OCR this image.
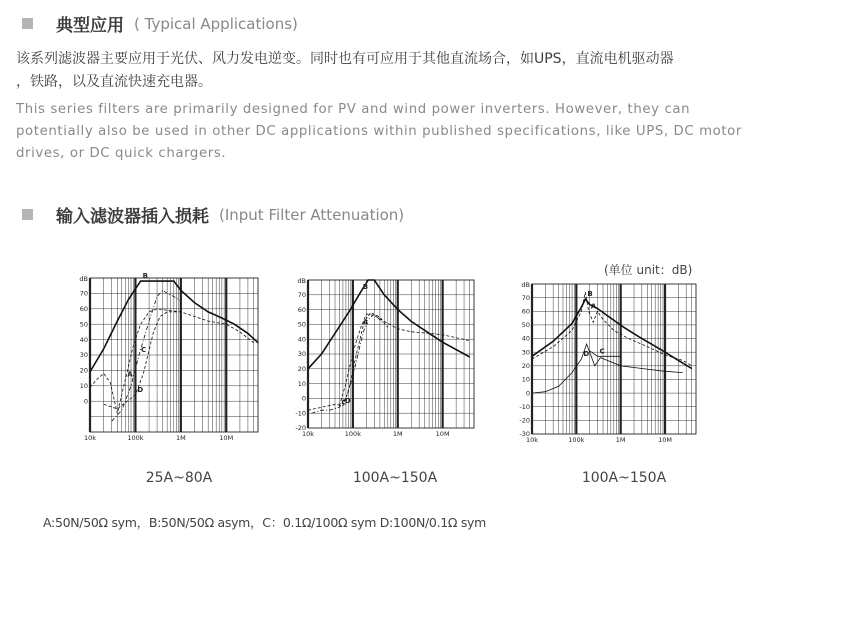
典型应用 ( Typical Applications)
该系列滤波器主要应用于光伏、风力发电逆变。同时也有可应用于其他直流场合，如UPS，直流电机驱动器
，铁路，以及直流快速充电器。
This series filters are primarily designed for PV and wind power inverters. However, they can
potentially also be used in other DC applications within published specifications, like UPS, DC motor
drives, or DC quick chargers.
输入滤波器插入损耗 (Input Filter Attenuation)
(单位 unit：dB)
0
10
20
30
40
50
60
70
dB
10k	100k	1M	10M
A
B
C
D
-20
-10
0
10
20
30
40
50
60
70
dB
10k	100k	1M	10M
A
B
C
D
-30
-20
-10
0
10
20
30
40
50
60
70
dB
10k	100k	1M	10M
A
B
C
D
25A~80A	100A~150A	100A~150A
A:50N/50Ω sym，B:50N/50Ω asym，C：0.1Ω/100Ω sym D:100N/0.1Ω sym
